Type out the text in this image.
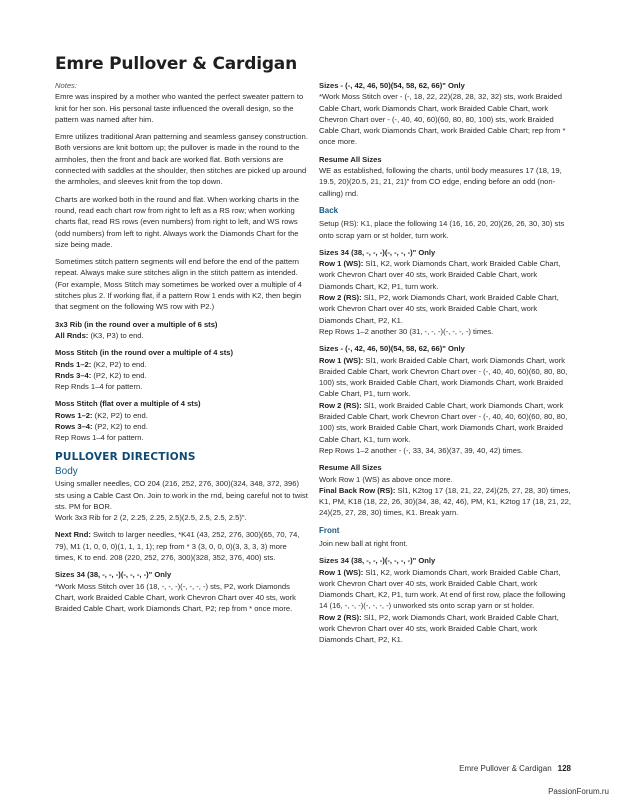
Emre Pullover & Cardigan

Notes:

Emre was inspired by a mother who wanted the perfect sweater pattern to knit for her son. His personal taste influenced the overall design, so the pattern was named after him.

Emre utilizes traditional Aran patterning and seamless gansey construction. Both versions are knit bottom up; the pullover is made in the round to the armholes, then the front and back are worked flat. Both versions are connected with saddles at the shoulder, then stitches are picked up around the armholes, and sleeves knit from the top down.

Charts are worked both in the round and flat. When working charts in the round, read each chart row from right to left as a RS row; when working charts flat, read RS rows (even numbers) from right to left, and WS rows (odd numbers) from left to right. Always work the Diamonds Chart for the size being made.

Sometimes stitch pattern segments will end before the end of the pattern repeat. Always make sure stitches align in the stitch pattern as intended. (For example, Moss Stitch may sometimes be worked over a multiple of 4 stitches plus 2. If working flat, if a pattern Row 1 ends with K2, then begin that segment on the following WS row with P2.)

3x3 Rib (in the round over a multiple of 6 sts)
All Rnds: (K3, P3) to end.
Moss Stitch (in the round over a multiple of 4 sts)
Rnds 1–2: (K2, P2) to end.
Rnds 3–4: (P2, K2) to end.
Rep Rnds 1–4 for pattern.
Moss Stitch (flat over a multiple of 4 sts)
Rows 1–2: (K2, P2) to end.
Rows 3–4: (P2, K2) to end.
Rep Rows 1–4 for pattern.
PULLOVER DIRECTIONS
Body
Using smaller needles, CO 204 (216, 252, 276, 300)(324, 348, 372, 396) sts using a Cable Cast On. Join to work in the rnd, being careful not to twist sts. PM for BOR.
Work 3x3 Rib for 2 (2, 2.25, 2.25, 2.5)(2.5, 2.5, 2.5, 2.5)".

Next Rnd: Switch to larger needles, *K41 (43, 252, 276, 300)(65, 70, 74, 79), M1 (1, 0, 0, 0)(1, 1, 1, 1); rep from * 3 (3, 0, 0, 0)(3, 3, 3, 3) more times, K to end. 208 (220, 252, 276, 300)(328, 352, 376, 400) sts.

Sizes 34 (38, -, -, -)(-, -, -, -)" Only
*Work Moss Stitch over 16 (18, -, -, -)(-, -, -, -) sts, P2, work Diamonds Chart, work Braided Cable Chart, work Chevron Chart over 40 sts, work Braided Cable Chart, work Diamonds Chart, P2; rep from * once more.
Sizes - (-, 42, 46, 50)(54, 58, 62, 66)" Only
*Work Moss Stitch over - (-, 18, 22, 22)(28, 28, 32, 32) sts, work Braided Cable Chart, work Diamonds Chart, work Braided Cable Chart, work Chevron Chart over - (-, 40, 40, 60)(60, 80, 80, 100) sts, work Braided Cable Chart, work Diamonds Chart, work Braided Cable Chart; rep from * once more.
Resume All Sizes
WE as established, following the charts, until body measures 17 (18, 19, 19.5, 20)(20.5, 21, 21, 21)" from CO edge, ending before an odd (non-calling) rnd.
Back

Setup (RS): K1, place the following 14 (16, 16, 20, 20)(26, 26, 30, 30) sts onto scrap yarn or st holder, turn work.

Sizes 34 (38, -, -, -)(-, -, -, -)" Only
Row 1 (WS): Sl1, K2, work Diamonds Chart, work Braided Cable Chart, work Chevron Chart over 40 sts, work Braided Cable Chart, work Diamonds Chart, K2, P1, turn work.
Row 2 (RS): Sl1, P2, work Diamonds Chart, work Braided Cable Chart, work Chevron Chart over 40 sts, work Braided Cable Chart, work Diamonds Chart, P2, K1.
Rep Rows 1–2 another 30 (31, -, -, -)(-, -, -, -) times.
Sizes - (-, 42, 46, 50)(54, 58, 62, 66)" Only
Row 1 (WS): Sl1, work Braided Cable Chart, work Diamonds Chart, work Braided Cable Chart, work Chevron Chart over - (-, 40, 40, 60)(60, 80, 80, 100) sts, work Braided Cable Chart, work Diamonds Chart, work Braided Cable Chart, P1, turn work.
Row 2 (RS): Sl1, work Braided Cable Chart, work Diamonds Chart, work Braided Cable Chart, work Chevron Chart over - (-, 40, 40, 60)(60, 80, 80, 100) sts, work Braided Cable Chart, work Diamonds Chart, work Braided Cable Chart, K1, turn work.
Rep Rows 1–2 another - (-, 33, 34, 36)(37, 39, 40, 42) times.
Resume All Sizes
Work Row 1 (WS) as above once more.
Final Back Row (RS): Sl1, K2tog 17 (18, 21, 22, 24)(25, 27, 28, 30) times, K1, PM, K18 (18, 22, 26, 30)(34, 38, 42, 46), PM, K1, K2tog 17 (18, 21, 22, 24)(25, 27, 28, 30) times, K1. Break yarn.
Front

Join new ball at right front.

Sizes 34 (38, -, -, -)(-, -, -, -)" Only
Row 1 (WS): Sl1, K2, work Diamonds Chart, work Braided Cable Chart, work Chevron Chart over 40 sts, work Braided Cable Chart, work Diamonds Chart, K2, P1, turn work. At end of first row, place the following 14 (16, -, -, -)(-, -, -, -) unworked sts onto scrap yarn or st holder.
Row 2 (RS): Sl1, P2, work Diamonds Chart, work Braided Cable Chart, work Chevron Chart over 40 sts, work Braided Cable Chart, work Diamonds Chart, P2, K1.
Emre Pullover & Cardigan 128
PassionForum.ru
